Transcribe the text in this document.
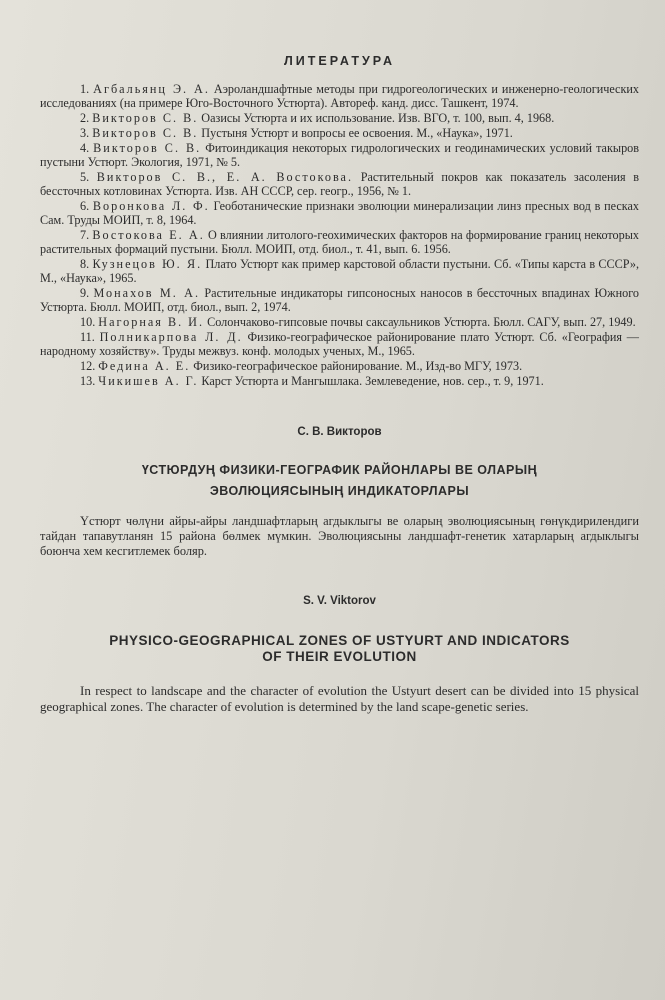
ЛИТЕРАТУРА
1. Агбальянц Э. А. Аэроландшафтные методы при гидрогеологических и инженерно-геологических исследованиях (на примере Юго-Восточного Устюрта). Автореф. канд. дисс. Ташкент, 1974.
2. Викторов С. В. Оазисы Устюрта и их использование. Изв. ВГО, т. 100, вып. 4, 1968.
3. Викторов С. В. Пустыня Устюрт и вопросы ее освоения. М., «Наука», 1971.
4. Викторов С. В. Фитоиндикация некоторых гидрологических и геодинамических условий такыров пустыни Устюрт. Экология, 1971, № 5.
5. Викторов С. В., Е. А. Востокова. Растительный покров как показатель засоления в бессточных котловинах Устюрта. Изв. АН СССР, сер. геогр., 1956, № 1.
6. Воронкова Л. Ф. Геоботанические признаки эволюции минерализации линз пресных вод в песках Сам. Труды МОИП, т. 8, 1964.
7. Востокова Е. А. О влиянии литолого-геохимических факторов на формирование границ некоторых растительных формаций пустыни. Бюлл. МОИП, отд. биол., т. 41, вып. 6. 1956.
8. Кузнецов Ю. Я. Плато Устюрт как пример карстовой области пустыни. Сб. «Типы карста в СССР», М., «Наука», 1965.
9. Монахов М. А. Растительные индикаторы гипсоносных наносов в бессточных впадинах Южного Устюрта. Бюлл. МОИП, отд. биол., вып. 2, 1974.
10. Нагорная В. И. Солончаково-гипсовые почвы саксаульников Устюрта. Бюлл. САГУ, вып. 27, 1949.
11. Полникарпова Л. Д. Физико-географическое районирование плато Устюрт. Сб. «География — народному хозяйству». Труды межвуз. конф. молодых ученых, М., 1965.
12. Федина А. Е. Физико-географическое районирование. М., Изд-во МГУ, 1973.
13. Чикишев А. Г. Карст Устюрта и Мангышлака. Землеведение, нов. сер., т. 9, 1971.

С. В. Викторов

ҮСТЮРДУҢ ФИЗИКИ-ГЕОГРАФИК РАЙОНЛАРЫ ВЕ ОЛАРЫҢ

ЭВОЛЮЦИЯСЫНЫҢ ИНДИКАТОРЛАРЫ

Үстюрт чөлүни айры-айры ландшафтларың агдыклыгы ве оларың эволюциясының гөнүкдирилендиги тайдан тапавутланян 15 районa бөлмек мүмкин. Эволюциясыны ландшафт-генетик хатарларың агдыклыгы боюнча хем кесгитлемек боляр.

S. V. Viktorov

PHYSICO-GEOGRAPHICAL ZONES OF USTYURT AND INDICATORS

OF THEIR EVOLUTION

In respect to landscape and the character of evolution the Ustyurt desert can be divided into 15 physical geographical zones. The character of evolution is determined by the land scape-genetic series.
